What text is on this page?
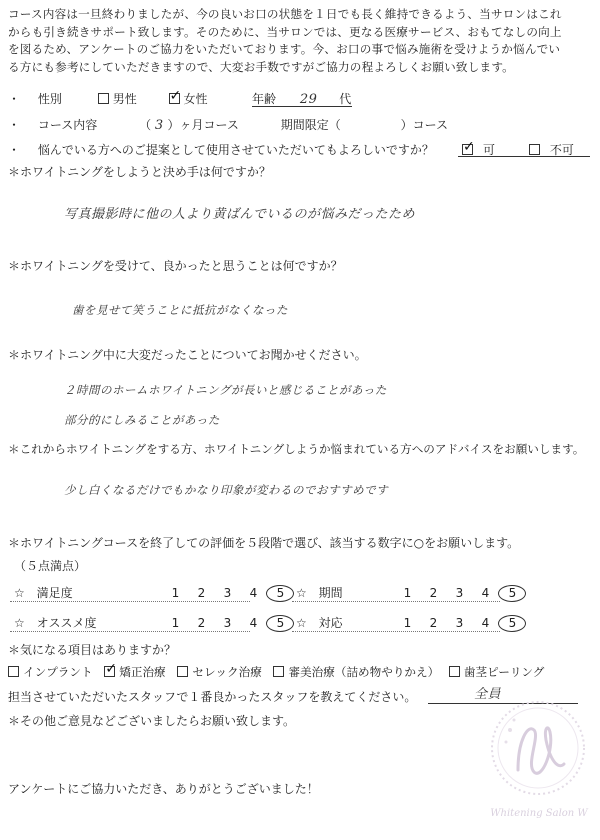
コース内容は一旦終わりましたが、今の良いお口の状態を１日でも長く維持できるよう、当サロンはこれ
からも引き続きサポート致します。そのために、当サロンでは、更なる医療サービス、おもてなしの向上
を図るため、アンケートのご協力をいただいております。今、お口の事で悩み施術を受けようか悩んでい
る方にも参考にしていただきますので、大変お手数ですがご協力の程よろしくお願い致します。
・ 性別	男性 ✓	女性	年齢 29 代
・ コース内容	（ 3 ）ヶ月コース	期間限定（	）コース
・ 悩んでいる方へのご提案として使用させていただいてもよろしいですか？ ✓	可	不可
＊ホワイトニングをしようと決め手は何ですか？
写真撮影時に他の人より黄ばんでいるのが悩みだったため
＊ホワイトニングを受けて、良かったと思うことは何ですか？
歯を見せて笑うことに抵抗がなくなった
＊ホワイトニング中に大変だったことについてお聞かせください。
２時間のホームホワイトニングが長いと感じることがあった
部分的にしみることがあった
＊これからホワイトニングをする方、ホワイトニングしようか悩まれている方へのアドバイスをお願いします。
少し白くなるだけでもかなり印象が変わるのでおすすめです
＊ホワイトニングコースを終了しての評価を５段階で選び、該当する数字に○をお願いします。
（５点満点）
☆ 満足度	1 2 3 4 5 ☆ 期間	1 2 3 4 5
☆ オススメ度	1 2 3 4 5 ☆ 対応	1 2 3 4 5
＊気になる項目はありますか？
インプラント ✓ 矯正治療 セレック治療 審美治療（詰め物やりかえ） 歯茎ピーリング
担当させていただいたスタッフで１番良かったスタッフを教えてください。	全員
＊その他ご意見などございましたらお願い致します。
アンケートにご協力いただき、ありがとうございました！
Whitening Salon W
